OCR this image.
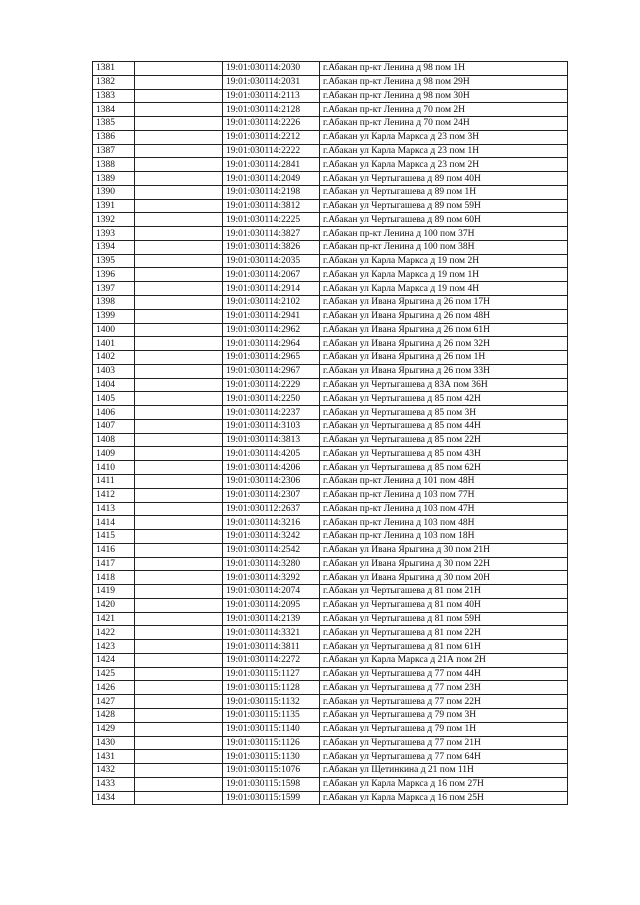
1381		19:01:030114:2030	г.Абакан пр-кт Ленина д 98 пом 1Н
1382		19:01:030114:2031	г.Абакан пр-кт Ленина д 98 пом 29Н
1383		19:01:030114:2113	г.Абакан пр-кт Ленина д 98 пом 30Н
1384		19:01:030114:2128	г.Абакан пр-кт Ленина д 70 пом 2Н
1385		19:01:030114:2226	г.Абакан пр-кт Ленина д 70 пом 24Н
1386		19:01:030114:2212	г.Абакан ул Карла Маркса д 23 пом 3Н
1387		19:01:030114:2222	г.Абакан ул Карла Маркса д 23 пом 1Н
1388		19:01:030114:2841	г.Абакан ул Карла Маркса д 23 пом 2Н
1389		19:01:030114:2049	г.Абакан ул Чертыгашева д 89 пом 40Н
1390		19:01:030114:2198	г.Абакан ул Чертыгашева д 89 пом 1Н
1391		19:01:030114:3812	г.Абакан ул Чертыгашева д 89 пом 59Н
1392		19:01:030114:2225	г.Абакан ул Чертыгашева д 89 пом 60Н
1393		19:01:030114:3827	г.Абакан пр-кт Ленина д 100 пом 37Н
1394		19:01:030114:3826	г.Абакан пр-кт Ленина д 100 пом 38Н
1395		19:01:030114:2035	г.Абакан ул Карла Маркса д 19 пом 2Н
1396		19:01:030114:2067	г.Абакан ул Карла Маркса д 19 пом 1Н
1397		19:01:030114:2914	г.Абакан ул Карла Маркса д 19 пом 4Н
1398		19:01:030114:2102	г.Абакан ул Ивана Ярыгина д 26 пом 17Н
1399		19:01:030114:2941	г.Абакан ул Ивана Ярыгина д 26 пом 48Н
1400		19:01:030114:2962	г.Абакан ул Ивана Ярыгина д 26 пом 61Н
1401		19:01:030114:2964	г.Абакан ул Ивана Ярыгина д 26 пом 32Н
1402		19:01:030114:2965	г.Абакан ул Ивана Ярыгина д 26 пом 1Н
1403		19:01:030114:2967	г.Абакан ул Ивана Ярыгина д 26 пом 33Н
1404		19:01:030114:2229	г.Абакан ул Чертыгашева д 83А пом 36Н
1405		19:01:030114:2250	г.Абакан ул Чертыгашева д 85 пом 42Н
1406		19:01:030114:2237	г.Абакан ул Чертыгашева д 85 пом 3Н
1407		19:01:030114:3103	г.Абакан ул Чертыгашева д 85 пом 44Н
1408		19:01:030114:3813	г.Абакан ул Чертыгашева д 85 пом 22Н
1409		19:01:030114:4205	г.Абакан ул Чертыгашева д 85 пом 43Н
1410		19:01:030114:4206	г.Абакан ул Чертыгашева д 85 пом 62Н
1411		19:01:030114:2306	г.Абакан пр-кт Ленина д 101 пом 48Н
1412		19:01:030114:2307	г.Абакан пр-кт Ленина д 103 пом 77Н
1413		19:01:030112:2637	г.Абакан пр-кт Ленина д 103 пом 47Н
1414		19:01:030114:3216	г.Абакан пр-кт Ленина д 103 пом 48Н
1415		19:01:030114:3242	г.Абакан пр-кт Ленина д 103 пом 18Н
1416		19:01:030114:2542	г.Абакан ул Ивана Ярыгина д 30 пом 21Н
1417		19:01:030114:3280	г.Абакан ул Ивана Ярыгина д 30 пом 22Н
1418		19:01:030114:3292	г.Абакан ул Ивана Ярыгина д 30 пом 20Н
1419		19:01:030114:2074	г.Абакан ул Чертыгашева д 81 пом 21Н
1420		19:01:030114:2095	г.Абакан ул Чертыгашева д 81 пом 40Н
1421		19:01:030114:2139	г.Абакан ул Чертыгашева д 81 пом 59Н
1422		19:01:030114:3321	г.Абакан ул Чертыгашева д 81 пом 22Н
1423		19:01:030114:3811	г.Абакан ул Чертыгашева д 81 пом 61Н
1424		19:01:030114:2272	г.Абакан ул Карла Маркса д 21А пом 2Н
1425		19:01:030115:1127	г.Абакан ул Чертыгашева д 77 пом 44Н
1426		19:01:030115:1128	г.Абакан ул Чертыгашева д 77 пом 23Н
1427		19:01:030115:1132	г.Абакан ул Чертыгашева д 77 пом 22Н
1428		19:01:030115:1135	г.Абакан ул Чертыгашева д 79 пом 3Н
1429		19:01:030115:1140	г.Абакан ул Чертыгашева д 79 пом 1Н
1430		19:01:030115:1126	г.Абакан ул Чертыгашева д 77 пом 21Н
1431		19:01:030115:1130	г.Абакан ул Чертыгашева д 77 пом 64Н
1432		19:01:030115:1076	г.Абакан ул Щетинкина д 21 пом 11Н
1433		19:01:030115:1598	г.Абакан ул Карла Маркса д 16 пом 27Н
1434		19:01:030115:1599	г.Абакан ул Карла Маркса д 16 пом 25Н
